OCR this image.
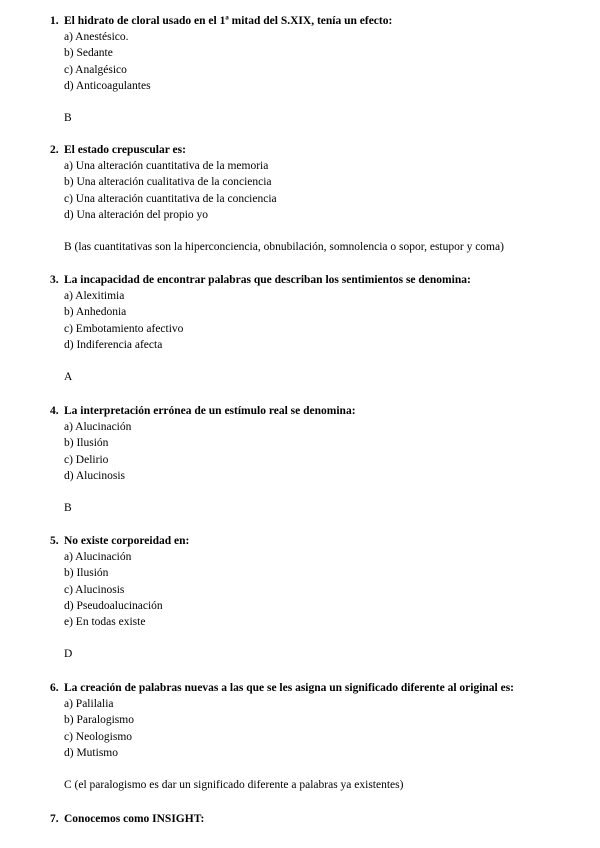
1. El hidrato de cloral usado en el 1ª mitad del S.XIX, tenía un efecto:
a) Anestésico.
b) Sedante
c) Analgésico
d) Anticoagulantes
B
2. El estado crepuscular es:
a) Una alteración cuantitativa de la memoria
b) Una alteración cualitativa de la conciencia
c) Una alteración cuantitativa de la conciencia
d) Una alteración del propio yo
B (las cuantitativas son la hiperconciencia, obnubilación, somnolencia o sopor, estupor y coma)
3. La incapacidad de encontrar palabras que describan los sentimientos se denomina:
a) Alexitimia
b) Anhedonia
c) Embotamiento afectivo
d) Indiferencia afecta
A
4. La interpretación errónea de un estímulo real se denomina:
a) Alucinación
b) Ilusión
c) Delirio
d) Alucinosis
B
5. No existe corporeidad en:
a) Alucinación
b) Ilusión
c) Alucinosis
d) Pseudoalucinación
e) En todas existe
D
6. La creación de palabras nuevas a las que se les asigna un significado diferente al original es:
a) Palilalia
b) Paralogismo
c) Neologismo
d) Mutismo
C (el paralogismo es dar un significado diferente a palabras ya existentes)
7. Conocemos como INSIGHT:
